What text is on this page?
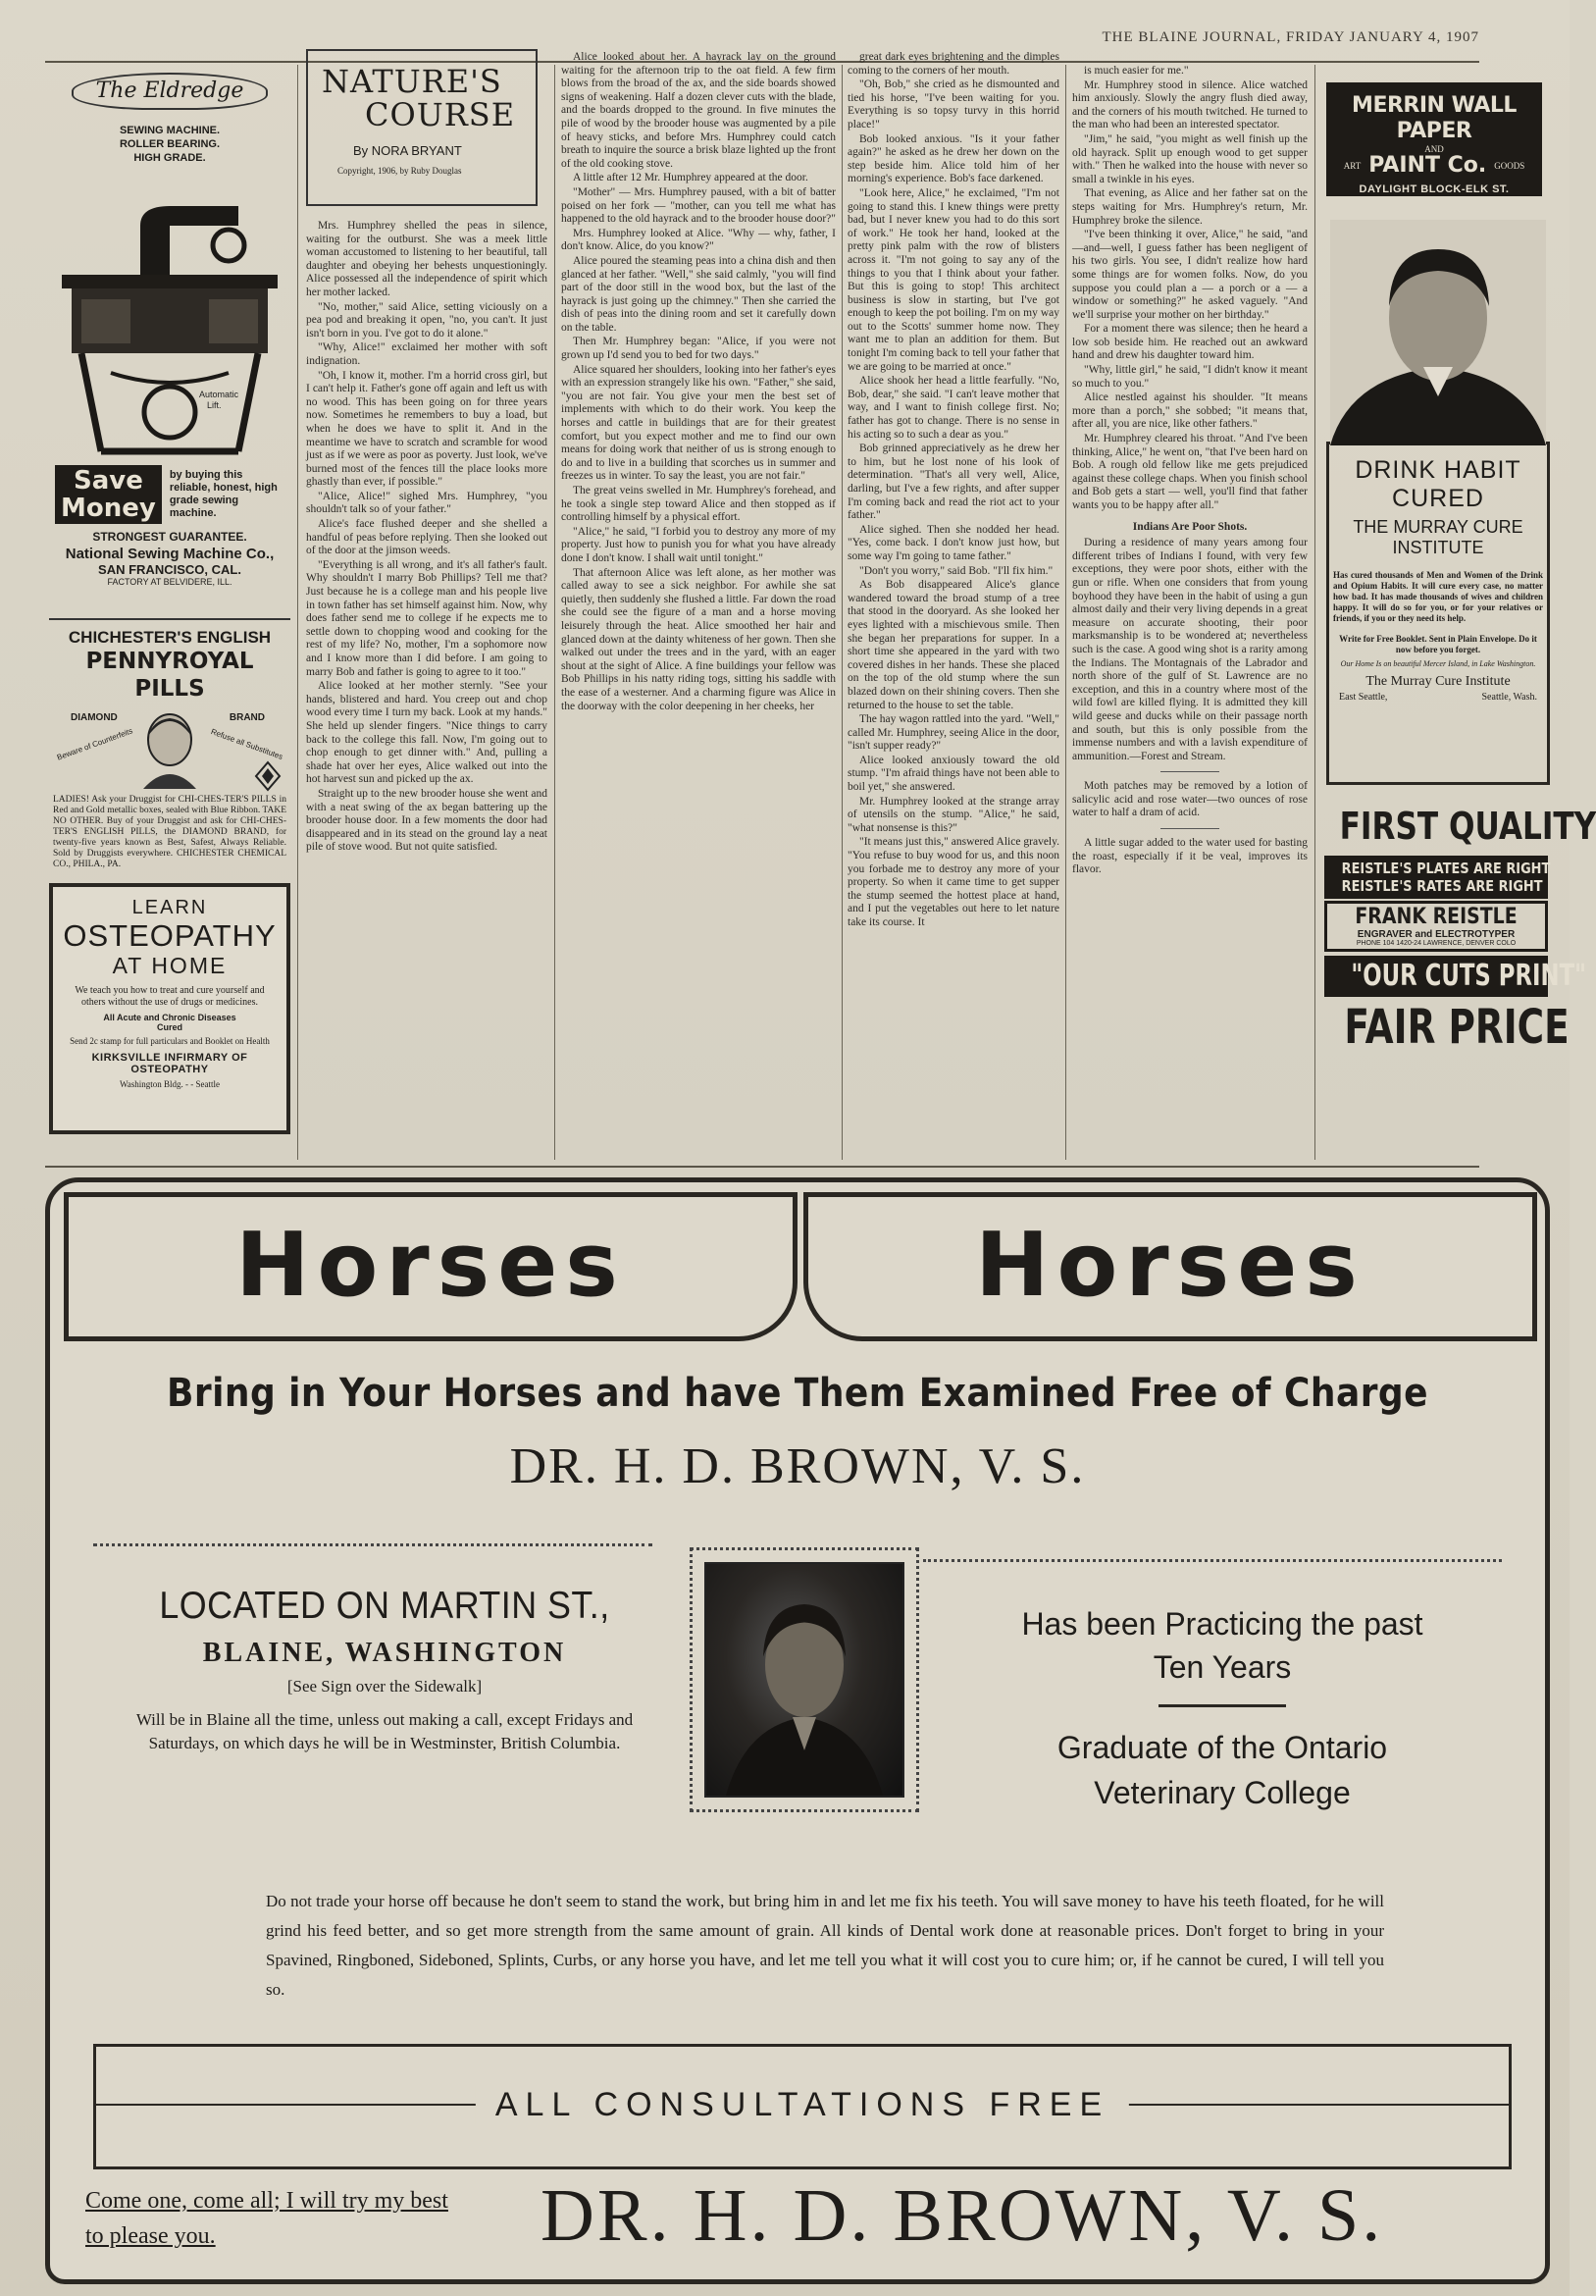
THE BLAINE JOURNAL, FRIDAY JANUARY 4, 1907
The Eldredge
SEWING MACHINE.
ROLLER BEARING.
HIGH GRADE.
Automatic
Lift.
Save
Money
by buying this reliable, honest, high grade sewing machine.
STRONGEST GUARANTEE.
National Sewing Machine Co.,
SAN FRANCISCO, CAL.
FACTORY AT BELVIDERE, ILL.
CHICHESTER'S ENGLISH
PENNYROYAL PILLS
DIAMOND	BRAND
Beware of Counterfeits	Refuse all Substitutes
LADIES! Ask your Druggist for CHI-CHES-TER'S PILLS in Red and Gold metallic boxes, sealed with Blue Ribbon. TAKE NO OTHER. Buy of your Druggist and ask for CHI-CHES-TER'S ENGLISH PILLS, the DIAMOND BRAND, for twenty-five years known as Best, Safest, Always Reliable. Sold by Druggists everywhere. CHICHESTER CHEMICAL CO., PHILA., PA.
LEARN
OSTEOPATHY
AT HOME
We teach you how to treat and cure yourself and others without the use of drugs or medicines.
All Acute and Chronic Diseases Cured
Send 2c stamp for full particulars and Booklet on Health
KIRKSVILLE INFIRMARY OF OSTEOPATHY
Washington Bldg. - - Seattle
NATURE'S
COURSE
By NORA BRYANT
Copyright, 1906, by Ruby Douglas

Mrs. Humphrey shelled the peas in silence, waiting for the outburst. She was a meek little woman accustomed to listening to her beautiful, tall daughter and obeying her behests unquestioningly. Alice possessed all the independence of spirit which her mother lacked.

"No, mother," said Alice, setting viciously on a pea pod and breaking it open, "no, you can't. It just isn't born in you. I've got to do it alone."

"Why, Alice!" exclaimed her mother with soft indignation.

"Oh, I know it, mother. I'm a horrid cross girl, but I can't help it. Father's gone off again and left us with no wood. This has been going on for three years now. Sometimes he remembers to buy a load, but when he does we have to split it. And in the meantime we have to scratch and scramble for wood just as if we were as poor as poverty. Just look, we've burned most of the fences till the place looks more ghastly than ever, if possible."

"Alice, Alice!" sighed Mrs. Humphrey, "you shouldn't talk so of your father."

Alice's face flushed deeper and she shelled a handful of peas before replying. Then she looked out of the door at the jimson weeds.

"Everything is all wrong, and it's all father's fault. Why shouldn't I marry Bob Phillips? Tell me that? Just because he is a college man and his people live in town father has set himself against him. Now, why does father send me to college if he expects me to settle down to chopping wood and cooking for the rest of my life? No, mother, I'm a sophomore now and I know more than I did before. I am going to marry Bob and father is going to agree to it too."

Alice looked at her mother sternly. "See your hands, blistered and hard. You creep out and chop wood every time I turn my back. Look at my hands." She held up slender fingers. "Nice things to carry back to the college this fall. Now, I'm going out to chop enough to get dinner with." And, pulling a shade hat over her eyes, Alice walked out into the hot harvest sun and picked up the ax.

Straight up to the new brooder house she went and with a neat swing of the ax began battering up the brooder house door. In a few moments the door had disappeared and in its stead on the ground lay a neat pile of stove wood. But not quite satisfied.

Alice looked about her. A hayrack lay on the ground waiting for the afternoon trip to the oat field. A few firm blows from the broad of the ax, and the side boards showed signs of weakening. Half a dozen clever cuts with the blade, and the boards dropped to the ground. In five minutes the pile of wood by the brooder house was augmented by a pile of heavy sticks, and before Mrs. Humphrey could catch breath to inquire the source a brisk blaze lighted up the front of the old cooking stove.

A little after 12 Mr. Humphrey appeared at the door.

"Mother" — Mrs. Humphrey paused, with a bit of batter poised on her fork — "mother, can you tell me what has happened to the old hayrack and to the brooder house door?"

Mrs. Humphrey looked at Alice. "Why — why, father, I don't know. Alice, do you know?"

Alice poured the steaming peas into a china dish and then glanced at her father. "Well," she said calmly, "you will find part of the door still in the wood box, but the last of the hayrack is just going up the chimney." Then she carried the dish of peas into the dining room and set it carefully down on the table.

Then Mr. Humphrey began: "Alice, if you were not grown up I'd send you to bed for two days."

Alice squared her shoulders, looking into her father's eyes with an expression strangely like his own. "Father," she said, "you are not fair. You give your men the best set of implements with which to do their work. You keep the horses and cattle in buildings that are for their greatest comfort, but you expect mother and me to find our own means for doing work that neither of us is strong enough to do and to live in a building that scorches us in summer and freezes us in winter. To say the least, you are not fair."

The great veins swelled in Mr. Humphrey's forehead, and he took a single step toward Alice and then stopped as if controlling himself by a physical effort.

"Alice," he said, "I forbid you to destroy any more of my property. Just how to punish you for what you have already done I don't know. I shall wait until tonight."

That afternoon Alice was left alone, as her mother was called away to see a sick neighbor. For awhile she sat quietly, then suddenly she flushed a little. Far down the road she could see the figure of a man and a horse moving leisurely through the heat. Alice smoothed her hair and glanced down at the dainty whiteness of her gown. Then she walked out under the trees and in the yard, with an eager shout at the sight of Alice. A fine buildings your fellow was Bob Phillips in his natty riding togs, sitting his saddle with the ease of a westerner. And a charming figure was Alice in the doorway with the color deepening in her cheeks, her

great dark eyes brightening and the dimples coming to the corners of her mouth.

"Oh, Bob," she cried as he dismounted and tied his horse, "I've been waiting for you. Everything is so topsy turvy in this horrid place!"

Bob looked anxious. "Is it your father again?" he asked as he drew her down on the step beside him. Alice told him of her morning's experience. Bob's face darkened.

"Look here, Alice," he exclaimed, "I'm not going to stand this. I knew things were pretty bad, but I never knew you had to do this sort of work." He took her hand, looked at the pretty pink palm with the row of blisters across it. "I'm not going to say any of the things to you that I think about your father. But this is going to stop! This architect business is slow in starting, but I've got enough to keep the pot boiling. I'm on my way out to the Scotts' summer home now. They want me to plan an addition for them. But tonight I'm coming back to tell your father that we are going to be married at once."

Alice shook her head a little fearfully. "No, Bob, dear," she said. "I can't leave mother that way, and I want to finish college first. No; father has got to change. There is no sense in his acting so to such a dear as you."

Bob grinned appreciatively as he drew her to him, but he lost none of his look of determination. "That's all very well, Alice, darling, but I've a few rights, and after supper I'm coming back and read the riot act to your father."

Alice sighed. Then she nodded her head. "Yes, come back. I don't know just how, but some way I'm going to tame father."

"Don't you worry," said Bob. "I'll fix him."

As Bob disappeared Alice's glance wandered toward the broad stump of a tree that stood in the dooryard. As she looked her eyes lighted with a mischievous smile. Then she began her preparations for supper. In a short time she appeared in the yard with two covered dishes in her hands. These she placed on the top of the old stump where the sun blazed down on their shining covers. Then she returned to the house to set the table.

The hay wagon rattled into the yard. "Well," called Mr. Humphrey, seeing Alice in the door, "isn't supper ready?"

Alice looked anxiously toward the old stump. "I'm afraid things have not been able to boil yet," she answered.

Mr. Humphrey looked at the strange array of utensils on the stump. "Alice," he said, "what nonsense is this?"

"It means just this," answered Alice gravely. "You refuse to buy wood for us, and this noon you forbade me to destroy any more of your property. So when it came time to get supper the stump seemed the hottest place at hand, and I put the vegetables out here to let nature take its course. It

is much easier for me."

Mr. Humphrey stood in silence. Alice watched him anxiously. Slowly the angry flush died away, and the corners of his mouth twitched. He turned to the man who had been an interested spectator.

"Jim," he said, "you might as well finish up the old hayrack. Split up enough wood to get supper with." Then he walked into the house with never so small a twinkle in his eyes.

That evening, as Alice and her father sat on the steps waiting for Mrs. Humphrey's return, Mr. Humphrey broke the silence.

"I've been thinking it over, Alice," he said, "and—and—well, I guess father has been negligent of his two girls. You see, I didn't realize how hard some things are for women folks. Now, do you suppose you could plan a — a porch or a — a window or something?" he asked vaguely. "And we'll surprise your mother on her birthday."

For a moment there was silence; then he heard a low sob beside him. He reached out an awkward hand and drew his daughter toward him.

"Why, little girl," he said, "I didn't know it meant so much to you."

Alice nestled against his shoulder. "It means more than a porch," she sobbed; "it means that, after all, you are nice, like other fathers."

Mr. Humphrey cleared his throat. "And I've been thinking, Alice," he went on, "that I've been hard on Bob. A rough old fellow like me gets prejudiced against these college chaps. When you finish school and Bob gets a start — well, you'll find that father wants you to be happy after all."

Indians Are Poor Shots.

During a residence of many years among four different tribes of Indians I found, with very few exceptions, they were poor shots, either with the gun or rifle. When one considers that from young boyhood they have been in the habit of using a gun almost daily and their very living depends in a great measure on accurate shooting, their poor marksmanship is to be wondered at; nevertheless such is the case. A good wing shot is a rarity among the Indians. The Montagnais of the Labrador and north shore of the gulf of St. Lawrence are no exception, and this in a country where most of the wild fowl are killed flying. It is admitted they kill wild geese and ducks while on their passage north and south, but this is only possible from the immense numbers and with a lavish expenditure of ammunition.—Forest and Stream.

Moth patches may be removed by a lotion of salicylic acid and rose water—two ounces of rose water to half a dram of acid.

A little sugar added to the water used for basting the roast, especially if it be veal, improves its flavor.

MERRIN WALL PAPER
AND
ART PAINT Co. GOODS
DAYLIGHT BLOCK-ELK ST.
DRINK HABIT
CURED
THE MURRAY CURE
INSTITUTE
Has cured thousands of Men and Women of the Drink and Opium Habits. It will cure every case, no matter how bad. It has made thousands of wives and children happy. It will do so for you, or for your relatives or friends, if you or they need its help.
Write for Free Booklet. Sent in Plain Envelope. Do it now before you forget.
Our Home Is on beautiful Mercer Island, in Lake Washington.
The Murray Cure Institute
East Seattle,	Seattle, Wash.
FIRST QUALITY
REISTLE'S PLATES ARE RIGHT
REISTLE'S RATES ARE RIGHT
FRANK REISTLE
ENGRAVER and ELECTROTYPER
PHONE 104 1420-24 LAWRENCE, DENVER COLO
"OUR CUTS PRINT"
FAIR PRICE
Horses	Horses
Bring in Your Horses and have Them Examined Free of Charge
DR. H. D. BROWN, V. S.
LOCATED ON MARTIN ST.,
BLAINE, WASHINGTON
[See Sign over the Sidewalk]
Will be in Blaine all the time, unless out making a call, except Fridays and Saturdays, on which days he will be in Westminster, British Columbia.
Has been Practicing the past Ten Years
Graduate of the Ontario Veterinary College
Do not trade your horse off because he don't seem to stand the work, but bring him in and let me fix his teeth. You will save money to have his teeth floated, for he will grind his feed better, and so get more strength from the same amount of grain. All kinds of Dental work done at reasonable prices. Don't forget to bring in your Spavined, Ringboned, Sideboned, Splints, Curbs, or any horse you have, and let me tell you what it will cost you to cure him; or, if he cannot be cured, I will tell you so.
ALL CONSULTATIONS FREE
Come one, come all; I will try my best to please you.	DR. H. D. BROWN, V. S.
